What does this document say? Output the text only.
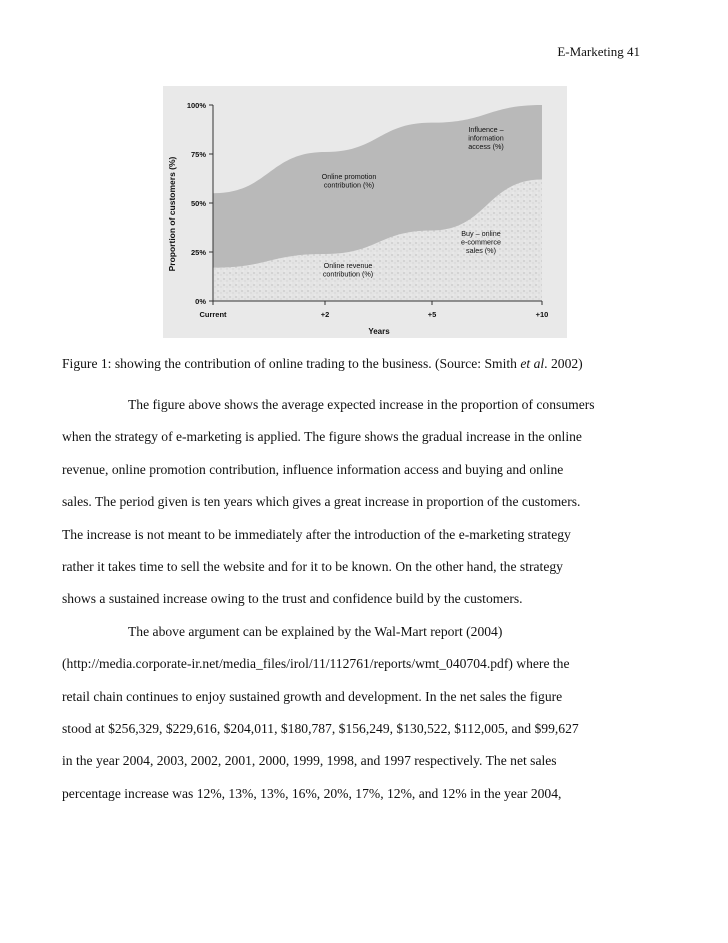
E-Marketing 41
100%
75%
50%
25%
0%
Current	+2	+5	+10
Proportion of customers (%)
Years
Influence –
information
access (%)
Online promotion
contribution (%)
Buy – online
e-commerce
sales (%)
Online revenue
contribution (%)
Figure 1: showing the contribution of online trading to the business. (Source: Smith et al. 2002)

The figure above shows the average expected increase in the proportion of consumers
when the strategy of e-marketing is applied. The figure shows the gradual increase in the online
revenue, online promotion contribution, influence information access and buying and online
sales. The period given is ten years which gives a great increase in proportion of the customers.
The increase is not meant to be immediately after the introduction of the e-marketing strategy
rather it takes time to sell the website and for it to be known. On the other hand, the strategy
shows a sustained increase owing to the trust and confidence build by the customers.

The above argument can be explained by the Wal-Mart report (2004)
(http://media.corporate-ir.net/media_files/irol/11/112761/reports/wmt_040704.pdf) where the
retail chain continues to enjoy sustained growth and development. In the net sales the figure
stood at $256,329, $229,616, $204,011, $180,787, $156,249, $130,522, $112,005, and $99,627
in the year 2004, 2003, 2002, 2001, 2000, 1999, 1998, and 1997 respectively. The net sales
percentage increase was 12%, 13%, 13%, 16%, 20%, 17%, 12%, and 12% in the year 2004,
